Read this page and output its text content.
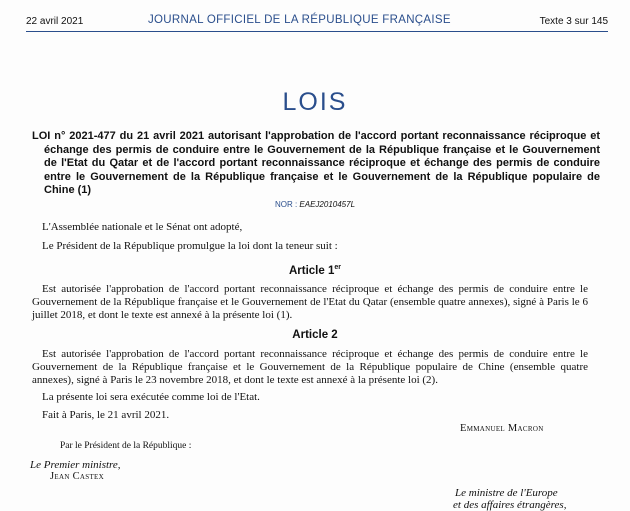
22 avril 2021	JOURNAL OFFICIEL DE LA RÉPUBLIQUE FRANÇAISE	Texte 3 sur 145
LOIS
LOI n° 2021-477 du 21 avril 2021 autorisant l'approbation de l'accord portant reconnaissance réciproque et échange des permis de conduire entre le Gouvernement de la République française et le Gouvernement de l'Etat du Qatar et de l'accord portant reconnaissance réciproque et échange des permis de conduire entre le Gouvernement de la République française et le Gouvernement de la République populaire de Chine (1)
NOR : EAEJ2010457L
L'Assemblée nationale et le Sénat ont adopté,
Le Président de la République promulgue la loi dont la teneur suit :
Article 1er
Est autorisée l'approbation de l'accord portant reconnaissance réciproque et échange des permis de conduire entre le Gouvernement de la République française et le Gouvernement de l'Etat du Qatar (ensemble quatre annexes), signé à Paris le 6 juillet 2018, et dont le texte est annexé à la présente loi (1).
Article 2
Est autorisée l'approbation de l'accord portant reconnaissance réciproque et échange des permis de conduire entre le Gouvernement de la République française et le Gouvernement de la République populaire de Chine (ensemble quatre annexes), signé à Paris le 23 novembre 2018, et dont le texte est annexé à la présente loi (2).
La présente loi sera exécutée comme loi de l'Etat.
Fait à Paris, le 21 avril 2021.
Emmanuel Macron
Par le Président de la République :
Le Premier ministre,
Jean Castex
Le ministre de l'Europe
et des affaires étrangères,
